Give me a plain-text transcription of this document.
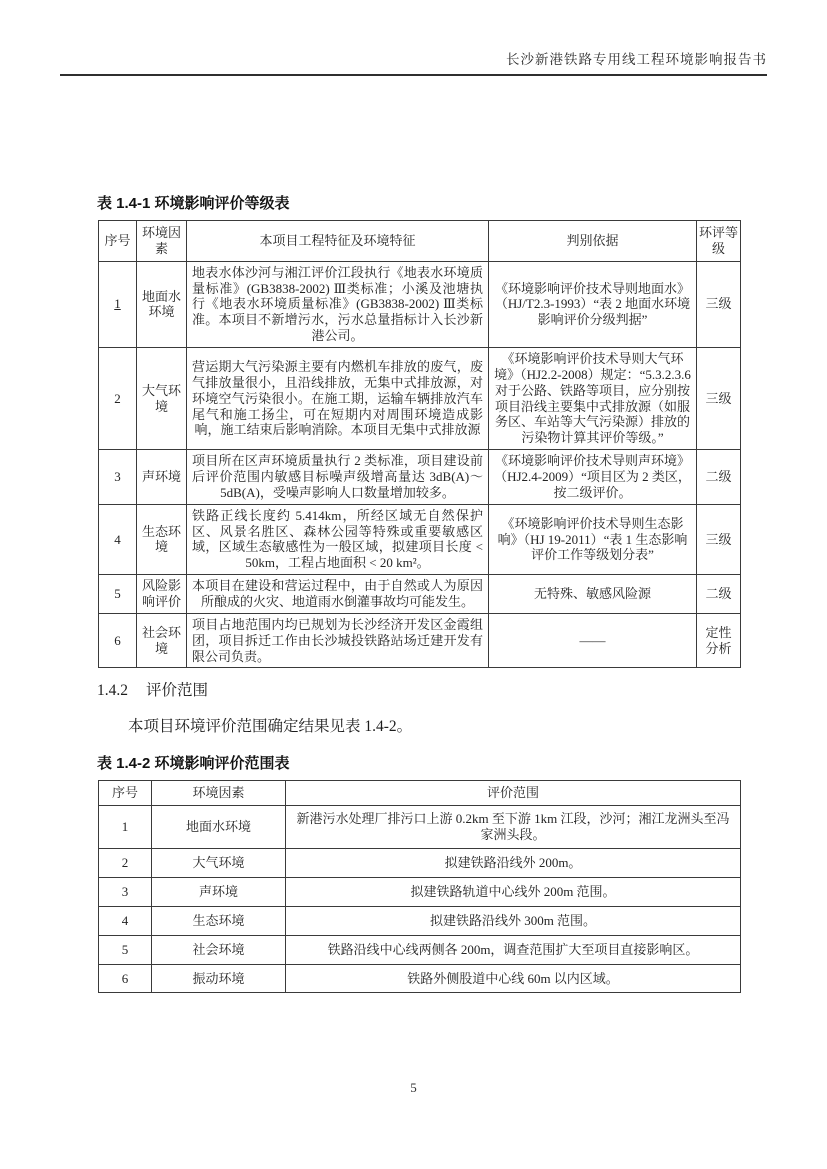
长沙新港铁路专用线工程环境影响报告书
表 1.4-1 环境影响评价等级表
序号	环境因素	本项目工程特征及环境特征	判别依据	环评等级
1	地面水环境	地表水体沙河与湘江评价江段执行《地表水环境质量标准》(GB3838-2002) Ⅲ类标准；小溪及池塘执行《地表水环境质量标准》(GB3838-2002) Ⅲ类标准。本项目不新增污水，污水总量指标计入长沙新港公司。	《环境影响评价技术导则地面水》（HJ/T2.3-1993）“表 2 地面水环境影响评价分级判据”	三级
2	大气环境	营运期大气污染源主要有内燃机车排放的废气，废气排放量很小，且沿线排放，无集中式排放源，对环境空气污染很小。在施工期，运输车辆排放汽车尾气和施工扬尘，可在短期内对周围环境造成影响，施工结束后影响消除。本项目无集中式排放源	《环境影响评价技术导则大气环境》（HJ2.2-2008）规定：“5.3.2.3.6 对于公路、铁路等项目，应分别按项目沿线主要集中式排放源（如服务区、车站等大气污染源）排放的污染物计算其评价等级。”	三级
3	声环境	项目所在区声环境质量执行 2 类标准，项目建设前后评价范围内敏感目标噪声级增高量达 3dB(A)～5dB(A)，受噪声影响人口数量增加较多。	《环境影响评价技术导则声环境》（HJ2.4-2009）“项目区为 2 类区，按二级评价。	二级
4	生态环境	铁路正线长度约 5.414km，所经区域无自然保护区、风景名胜区、森林公园等特殊或重要敏感区域，区域生态敏感性为一般区域，拟建项目长度 < 50km，工程占地面积 < 20 km²。	《环境影响评价技术导则生态影响》（HJ 19-2011）“表 1 生态影响评价工作等级划分表”	三级
5	风险影响评价	本项目在建设和营运过程中，由于自然或人为原因所酿成的火灾、地道雨水倒灌事故均可能发生。	无特殊、敏感风险源	二级
6	社会环境	项目占地范围内均已规划为长沙经济开发区金霞组团，项目拆迁工作由长沙城投铁路站场迁建开发有限公司负责。	——	定性分析
1.4.2 评价范围

本项目环境评价范围确定结果见表 1.4-2。

表 1.4-2 环境影响评价范围表
序号	环境因素	评价范围
1	地面水环境	新港污水处理厂排污口上游 0.2km 至下游 1km 江段，沙河；湘江龙洲头至冯家洲头段。
2	大气环境	拟建铁路沿线外 200m。
3	声环境	拟建铁路轨道中心线外 200m 范围。
4	生态环境	拟建铁路沿线外 300m 范围。
5	社会环境	铁路沿线中心线两侧各 200m，调查范围扩大至项目直接影响区。
6	振动环境	铁路外侧股道中心线 60m 以内区域。
5
